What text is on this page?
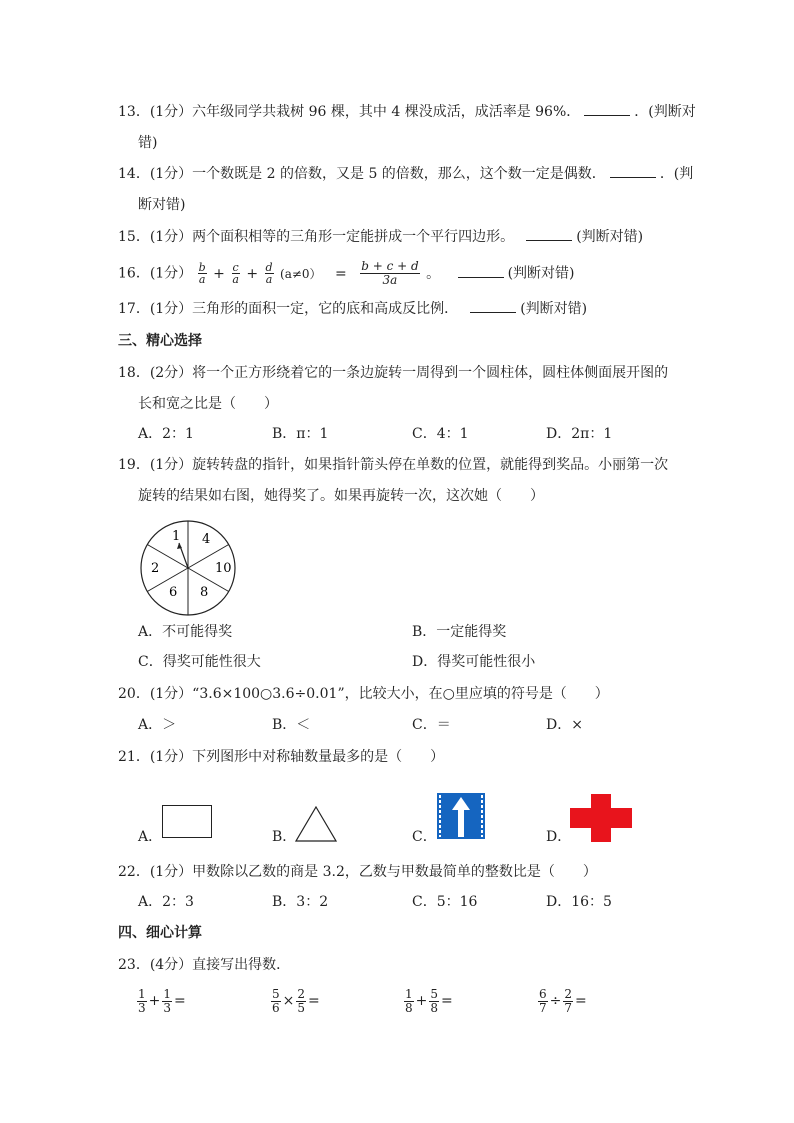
13．(1分）六年级同学共栽树 96 棵，其中 4 棵没成活，成活率是 96%．	．(判断对
错)
14．(1分）一个数既是 2 的倍数，又是 5 的倍数，那么，这个数一定是偶数．	．(判
断对错)
15．(1分）两个面积相等的三角形一定能拼成一个平行四边形。	(判断对错)
16．(1分） $\frac{b}{a} + \frac{c}{a} + \frac{d}{a} (a\ne 0) = \frac{b + c + d}{3a}$ 。	(判断对错)
17．(1分）三角形的面积一定，它的底和高成反比例．	(判断对错)
三、精心选择
18．(2分）将一个正方形绕着它的一条边旋转一周得到一个圆柱体，圆柱体侧面展开图的
长和宽之比是（　　）
A．2：1	B．π：1	C．4：1	D．2π：1
19．(1分）旋转转盘的指针，如果指针箭头停在单数的位置，就能得到奖品。小丽第一次
旋转的结果如右图，她得奖了。如果再旋转一次，这次她（　　）
1 4
10
8
6
2
A．不可能得奖	B．一定能得奖
C．得奖可能性很大	D．得奖可能性很小
20．(1分）“3.6×100○3.6÷0.01”，比较大小，在○里应填的符号是（　　）
A．＞	B．＜	C．＝	D．×
21．(1分）下列图形中对称轴数量最多的是（　　）
A．	B．	C．	D．
22．(1分）甲数除以乙数的商是 3.2，乙数与甲数最简单的整数比是（　　）
A．2：3	B．3：2	C．5：16	D．16：5
四、细心计算
23．(4分）直接写出得数．
$\frac{1}{3} + \frac{1}{3}$ =	$\frac{5}{6} \times \frac{2}{5}$ =	$\frac{1}{8} + \frac{5}{8}$ =	$\frac{6}{7} \div \frac{2}{7}$ =
